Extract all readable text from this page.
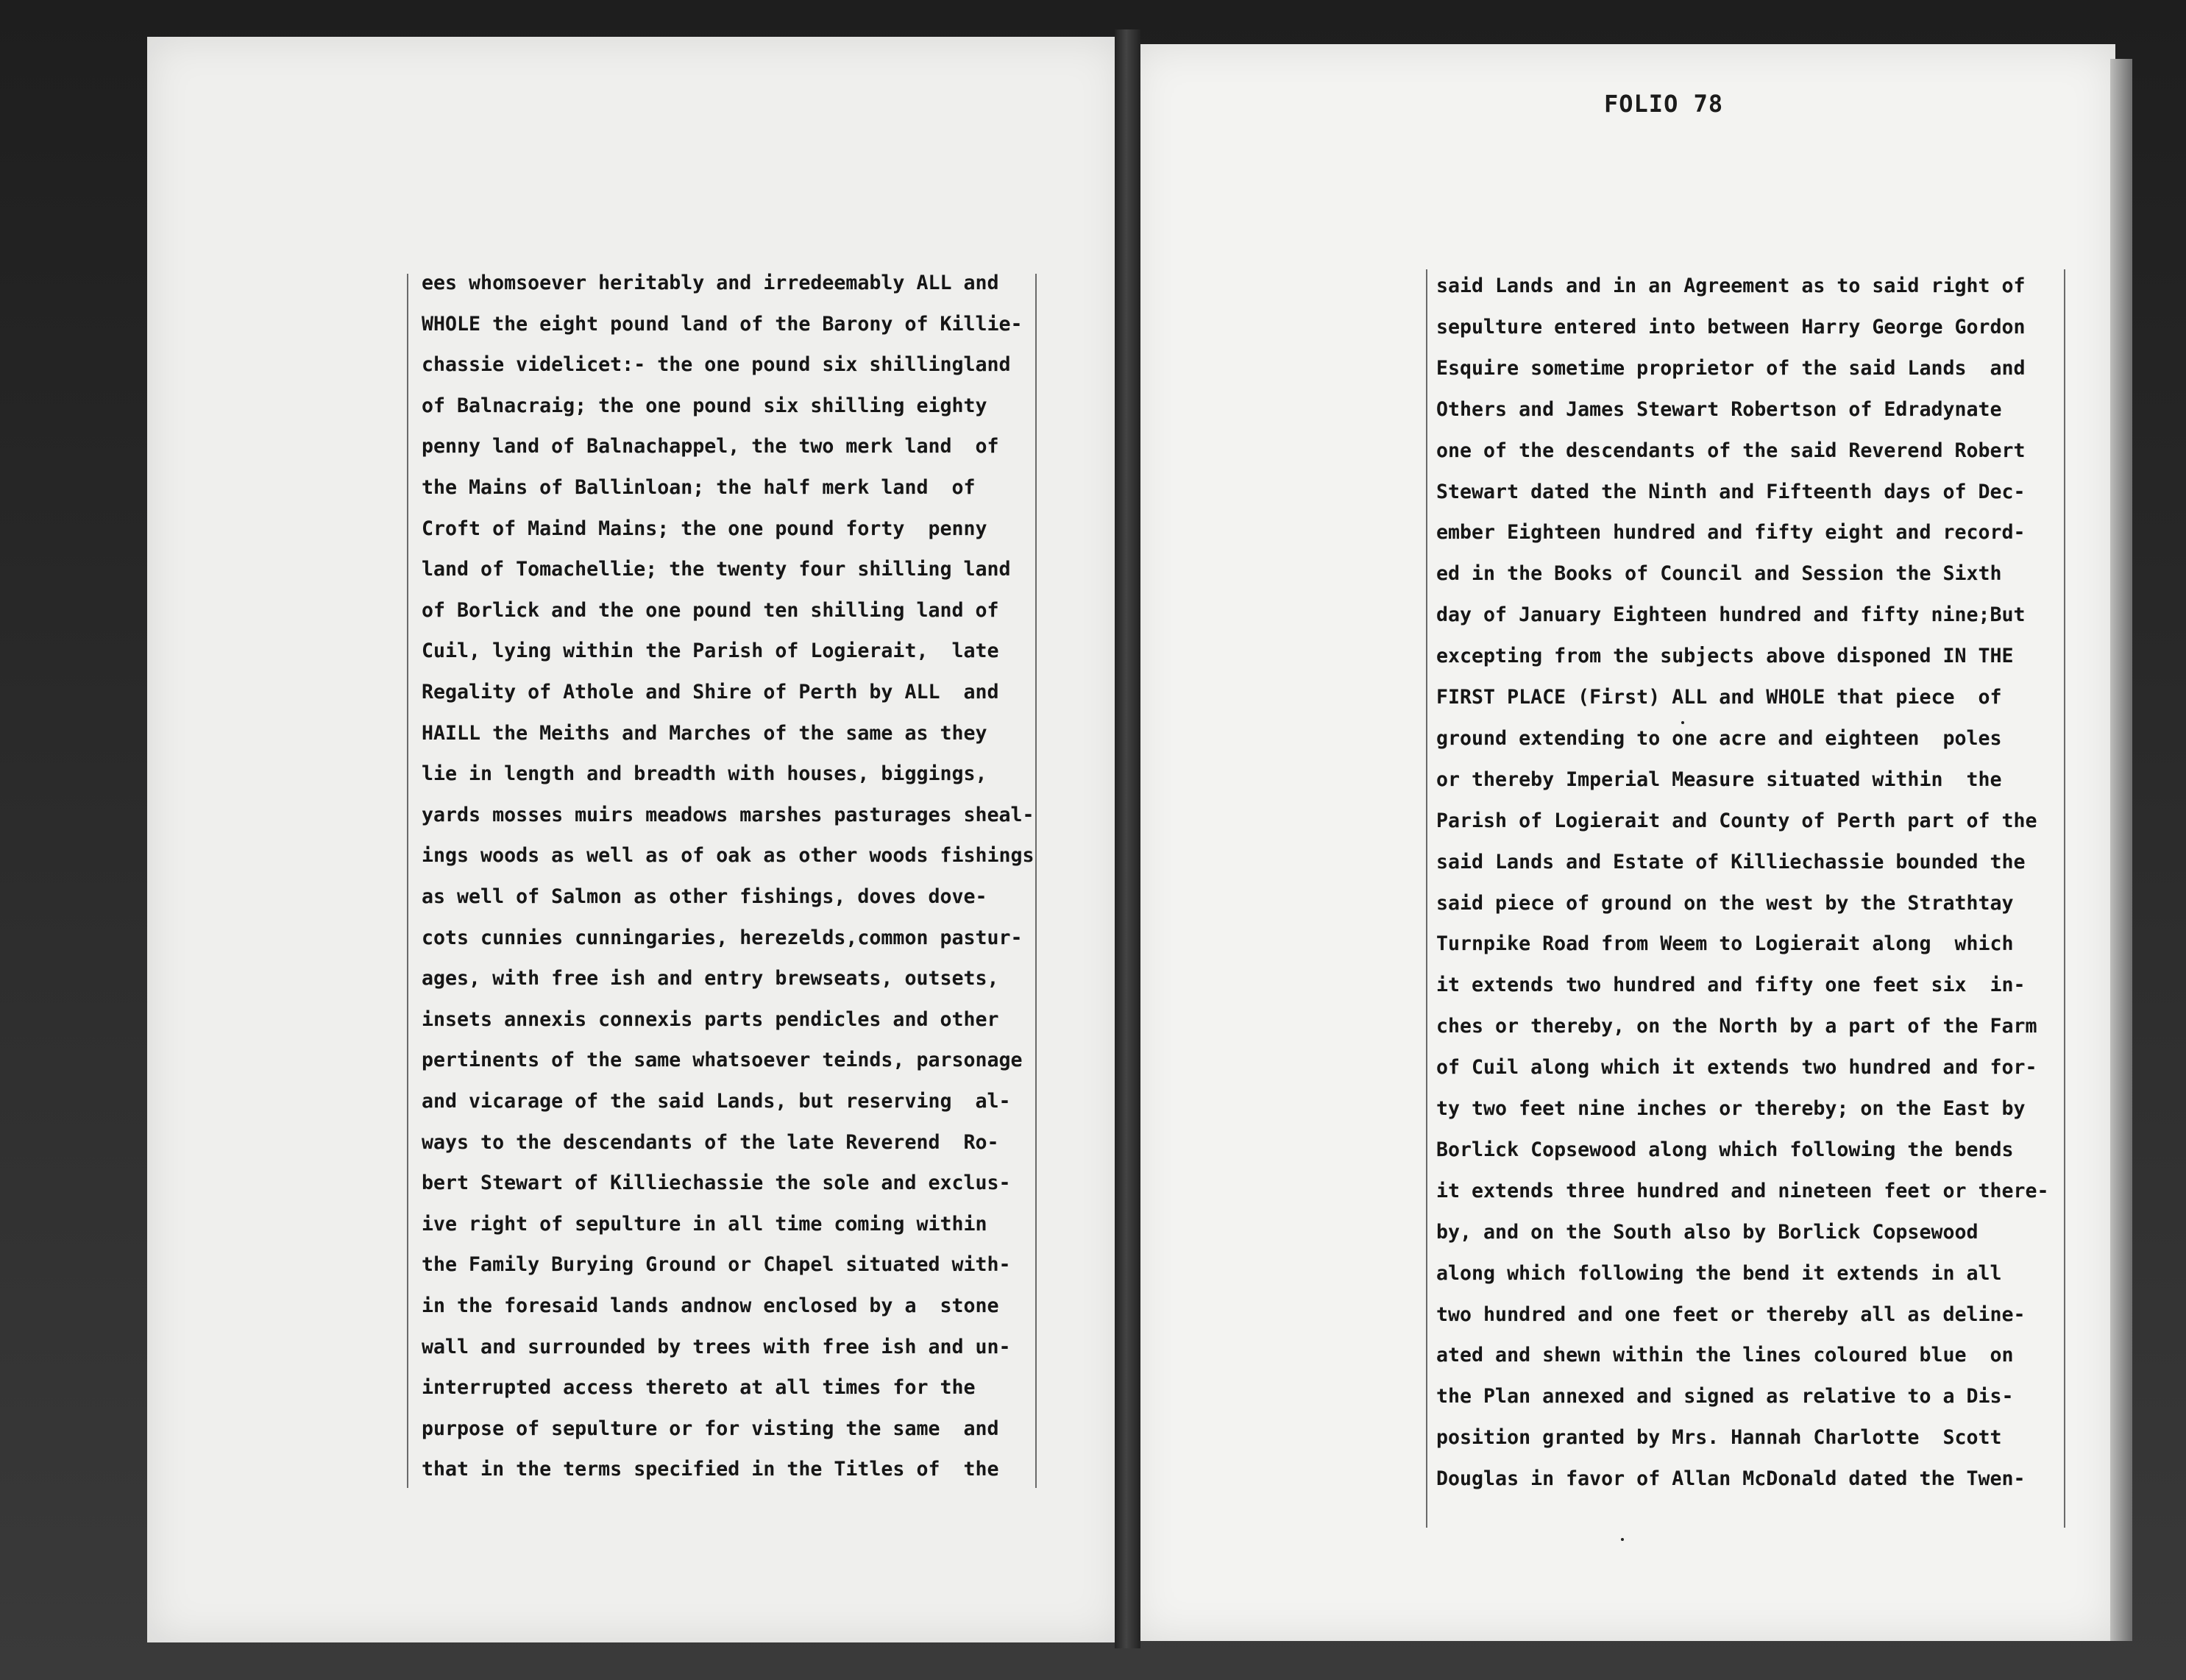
FOLIO 78
ees whomsoever heritably and irredeemably ALL and
WHOLE the eight pound land of the Barony of Killie-
chassie videlicet:- the one pound six shillingland
of Balnacraig; the one pound six shilling eighty
penny land of Balnachappel, the two merk land  of
the Mains of Ballinloan; the half merk land  of
Croft of Maind Mains; the one pound forty  penny
land of Tomachellie; the twenty four shilling land
of Borlick and the one pound ten shilling land of
Cuil, lying within the Parish of Logierait,  late
Regality of Athole and Shire of Perth by ALL  and
HAILL the Meiths and Marches of the same as they
lie in length and breadth with houses, biggings,
yards mosses muirs meadows marshes pasturages sheal-
ings woods as well as of oak as other woods fishings
as well of Salmon as other fishings, doves dove-
cots cunnies cunningaries, herezelds,common pastur-
ages, with free ish and entry brewseats, outsets,
insets annexis connexis parts pendicles and other
pertinents of the same whatsoever teinds, parsonage
and vicarage of the said Lands, but reserving  al-
ways to the descendants of the late Reverend  Ro-
bert Stewart of Killiechassie the sole and exclus-
ive right of sepulture in all time coming within
the Family Burying Ground or Chapel situated with-
in the foresaid lands andnow enclosed by a  stone
wall and surrounded by trees with free ish and un-
interrupted access thereto at all times for the
purpose of sepulture or for visting the same  and
that in the terms specified in the Titles of  the
said Lands and in an Agreement as to said right of
sepulture entered into between Harry George Gordon
Esquire sometime proprietor of the said Lands  and
Others and James Stewart Robertson of Edradynate
one of the descendants of the said Reverend Robert
Stewart dated the Ninth and Fifteenth days of Dec-
ember Eighteen hundred and fifty eight and record-
ed in the Books of Council and Session the Sixth
day of January Eighteen hundred and fifty nine;But
excepting from the subjects above disponed IN THE
FIRST PLACE (First) ALL and WHOLE that piece  of
ground extending to one acre and eighteen  poles
or thereby Imperial Measure situated within  the
Parish of Logierait and County of Perth part of the
said Lands and Estate of Killiechassie bounded the
said piece of ground on the west by the Strathtay
Turnpike Road from Weem to Logierait along  which
it extends two hundred and fifty one feet six  in-
ches or thereby, on the North by a part of the Farm
of Cuil along which it extends two hundred and for-
ty two feet nine inches or thereby; on the East by
Borlick Copsewood along which following the bends
it extends three hundred and nineteen feet or there-
by, and on the South also by Borlick Copsewood
along which following the bend it extends in all
two hundred and one feet or thereby all as deline-
ated and shewn within the lines coloured blue  on
the Plan annexed and signed as relative to a Dis-
position granted by Mrs. Hannah Charlotte  Scott
Douglas in favor of Allan McDonald dated the Twen-
